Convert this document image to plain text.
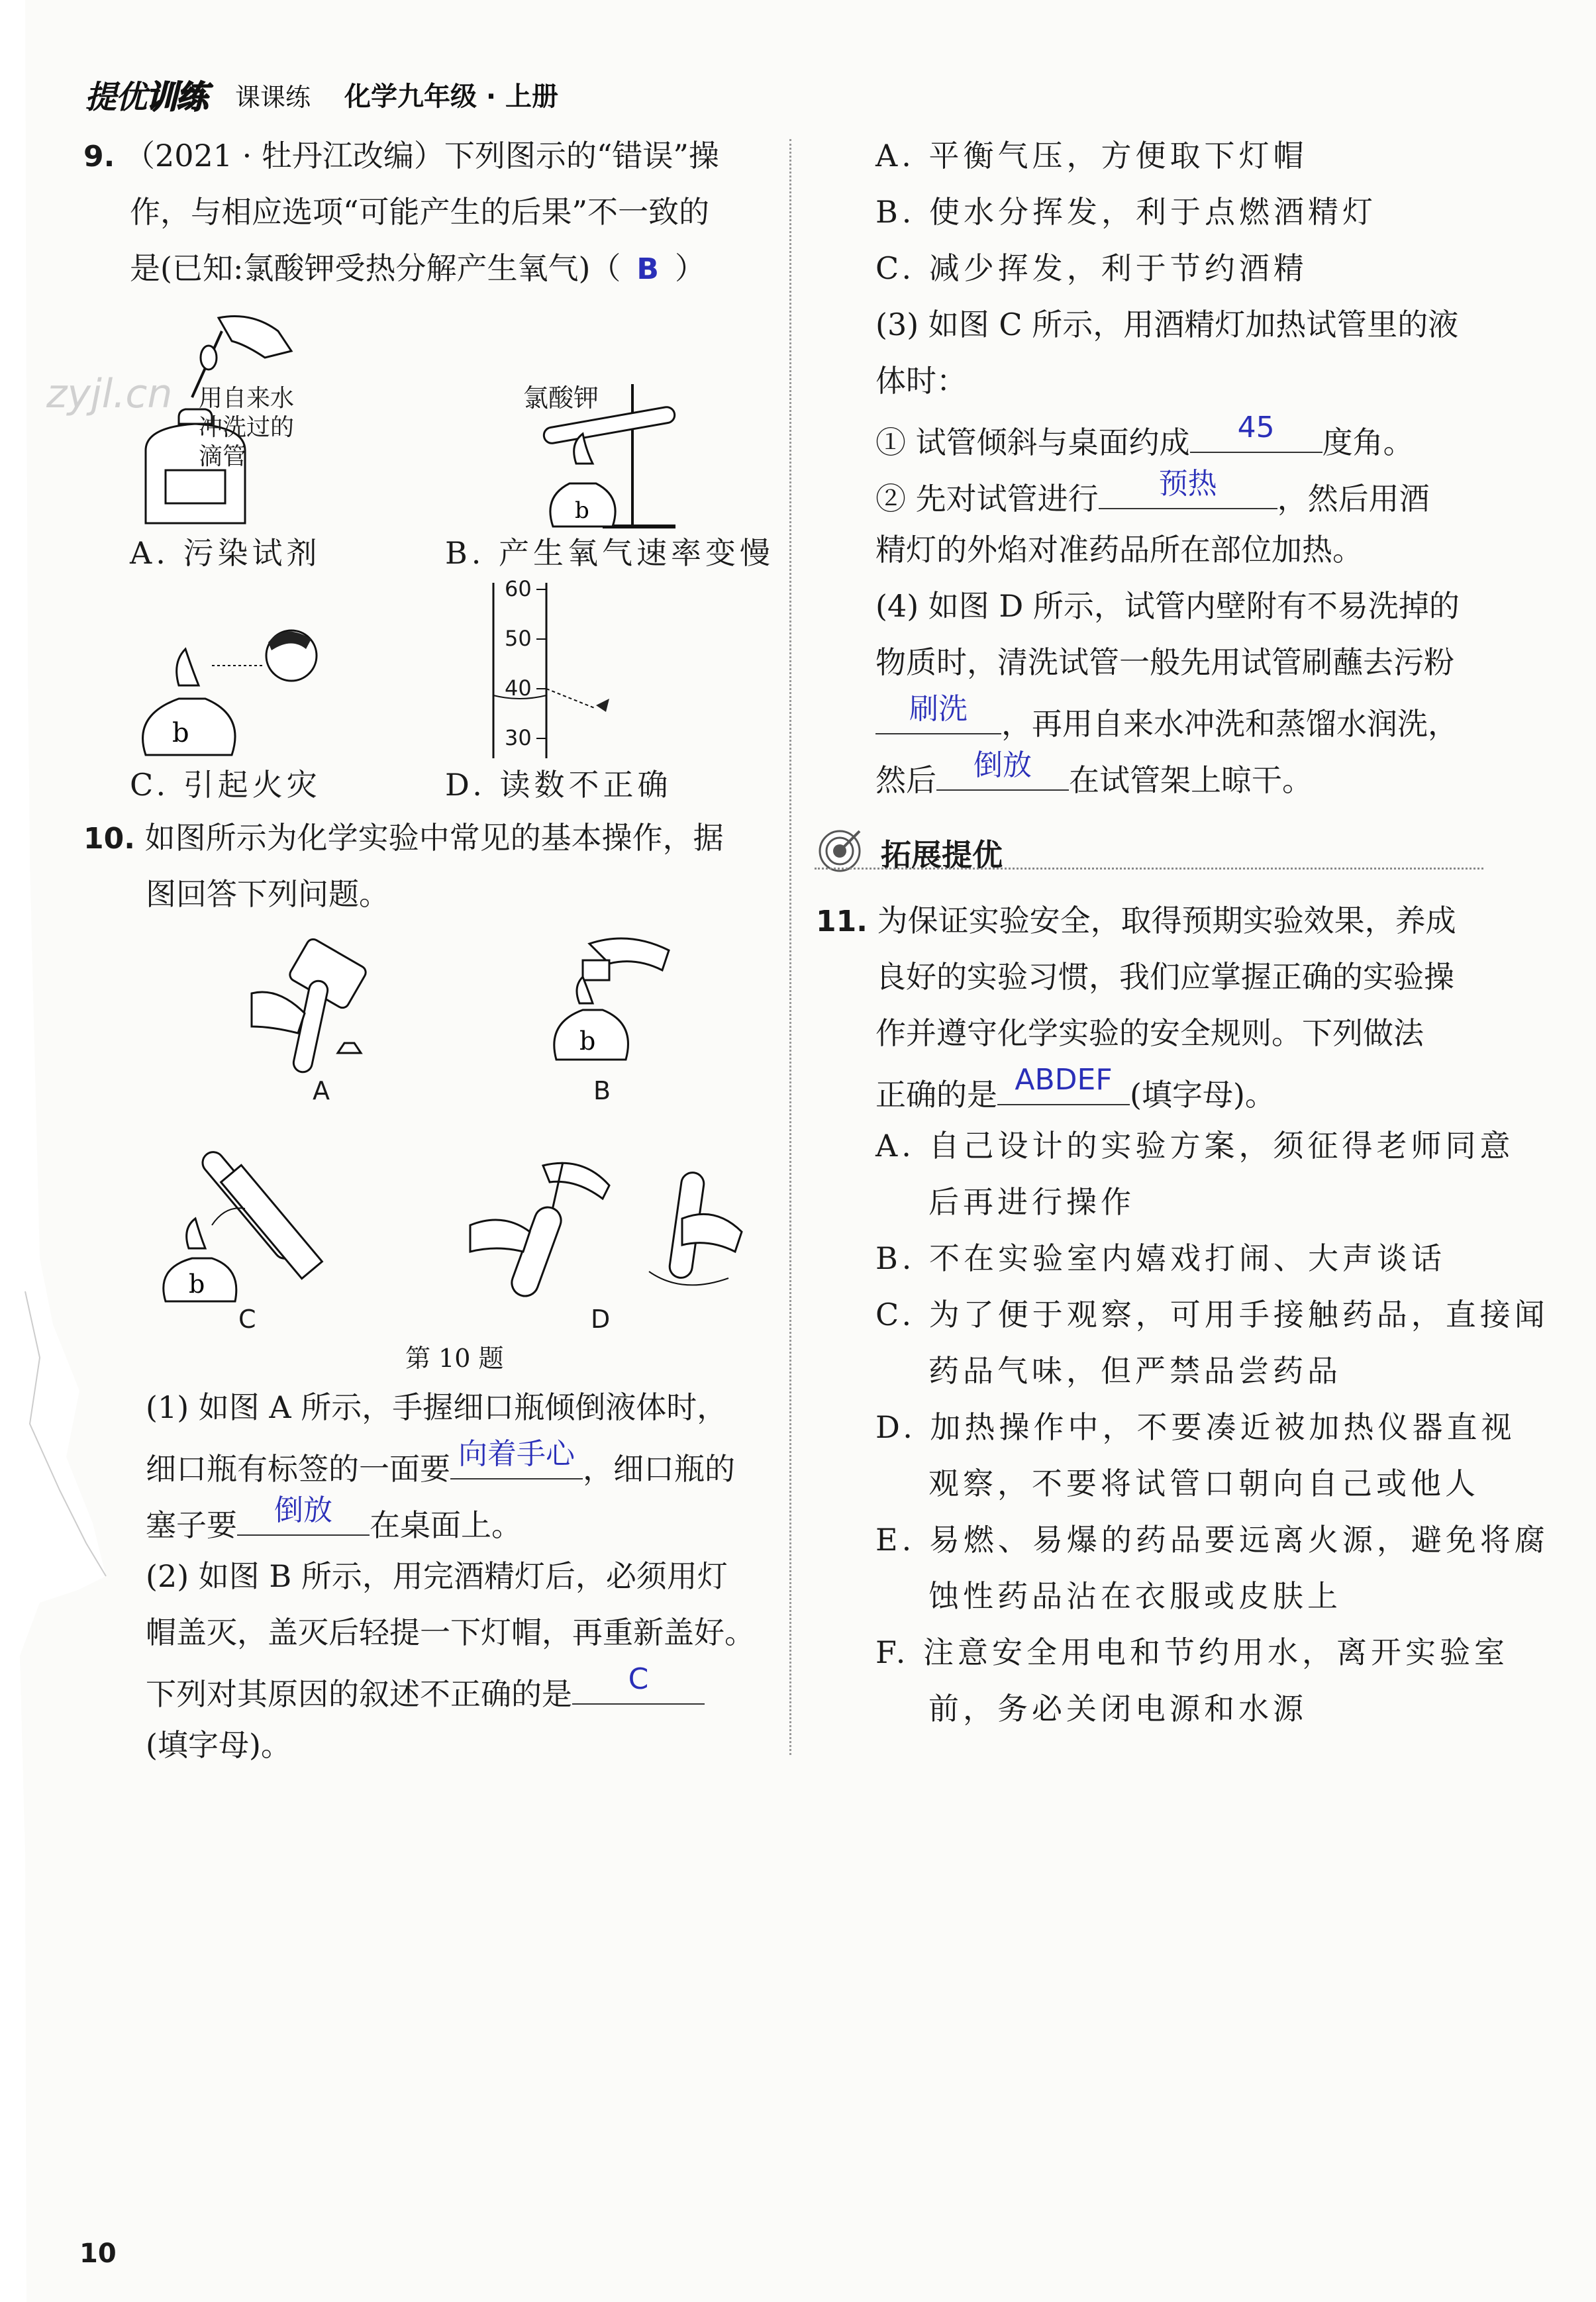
提优训练 课课练 化学九年级 · 上册
zyjl.cn
9. （2021 · 牡丹江改编）下列图示的“错误”操
作，与相应选项“可能产生的后果”不一致的
是(已知:氯酸钾受热分解产生氧气)（ B ）
用自来水
冲洗过的
滴管
氯酸钾
b
A. 污染试剂	B. 产生氧气速率变慢
b
60
50
40
30
C. 引起火灾	D. 读数不正确
10. 如图所示为化学实验中常见的基本操作，据
图回答下列问题。
A
b
B
b
C	D
第 10 题
(1) 如图 A 所示，手握细口瓶倾倒液体时，
细口瓶有标签的一面要 向着手心 ，细口瓶的
塞子要	倒放	在桌面上。
(2) 如图 B 所示，用完酒精灯后，必须用灯
帽盖灭，盖灭后轻提一下灯帽，再重新盖好。
下列对其原因的叙述不正确的是	C
(填字母)。
A. 平衡气压，方便取下灯帽
B. 使水分挥发，利于点燃酒精灯
C. 减少挥发，利于节约酒精
(3) 如图 C 所示，用酒精灯加热试管里的液
体时：
① 试管倾斜与桌面约成	45	度角。
② 先对试管进行	预热	，然后用酒
精灯的外焰对准药品所在部位加热。
(4) 如图 D 所示，试管内壁附有不易洗掉的
物质时，清洗试管一般先用试管刷蘸去污粉
刷洗	，再用自来水冲洗和蒸馏水润洗，
然后	倒放	在试管架上晾干。
拓展提优
11. 为保证实验安全，取得预期实验效果，养成
良好的实验习惯，我们应掌握正确的实验操
作并遵守化学实验的安全规则。下列做法
正确的是 ABDEF (填字母)。
A. 自己设计的实验方案，须征得老师同意
后再进行操作
B. 不在实验室内嬉戏打闹、大声谈话
C. 为了便于观察，可用手接触药品，直接闻
药品气味，但严禁品尝药品
D. 加热操作中，不要凑近被加热仪器直视
观察，不要将试管口朝向自己或他人
E. 易燃、易爆的药品要远离火源，避免将腐
蚀性药品沾在衣服或皮肤上
F. 注意安全用电和节约用水，离开实验室
前，务必关闭电源和水源
10
